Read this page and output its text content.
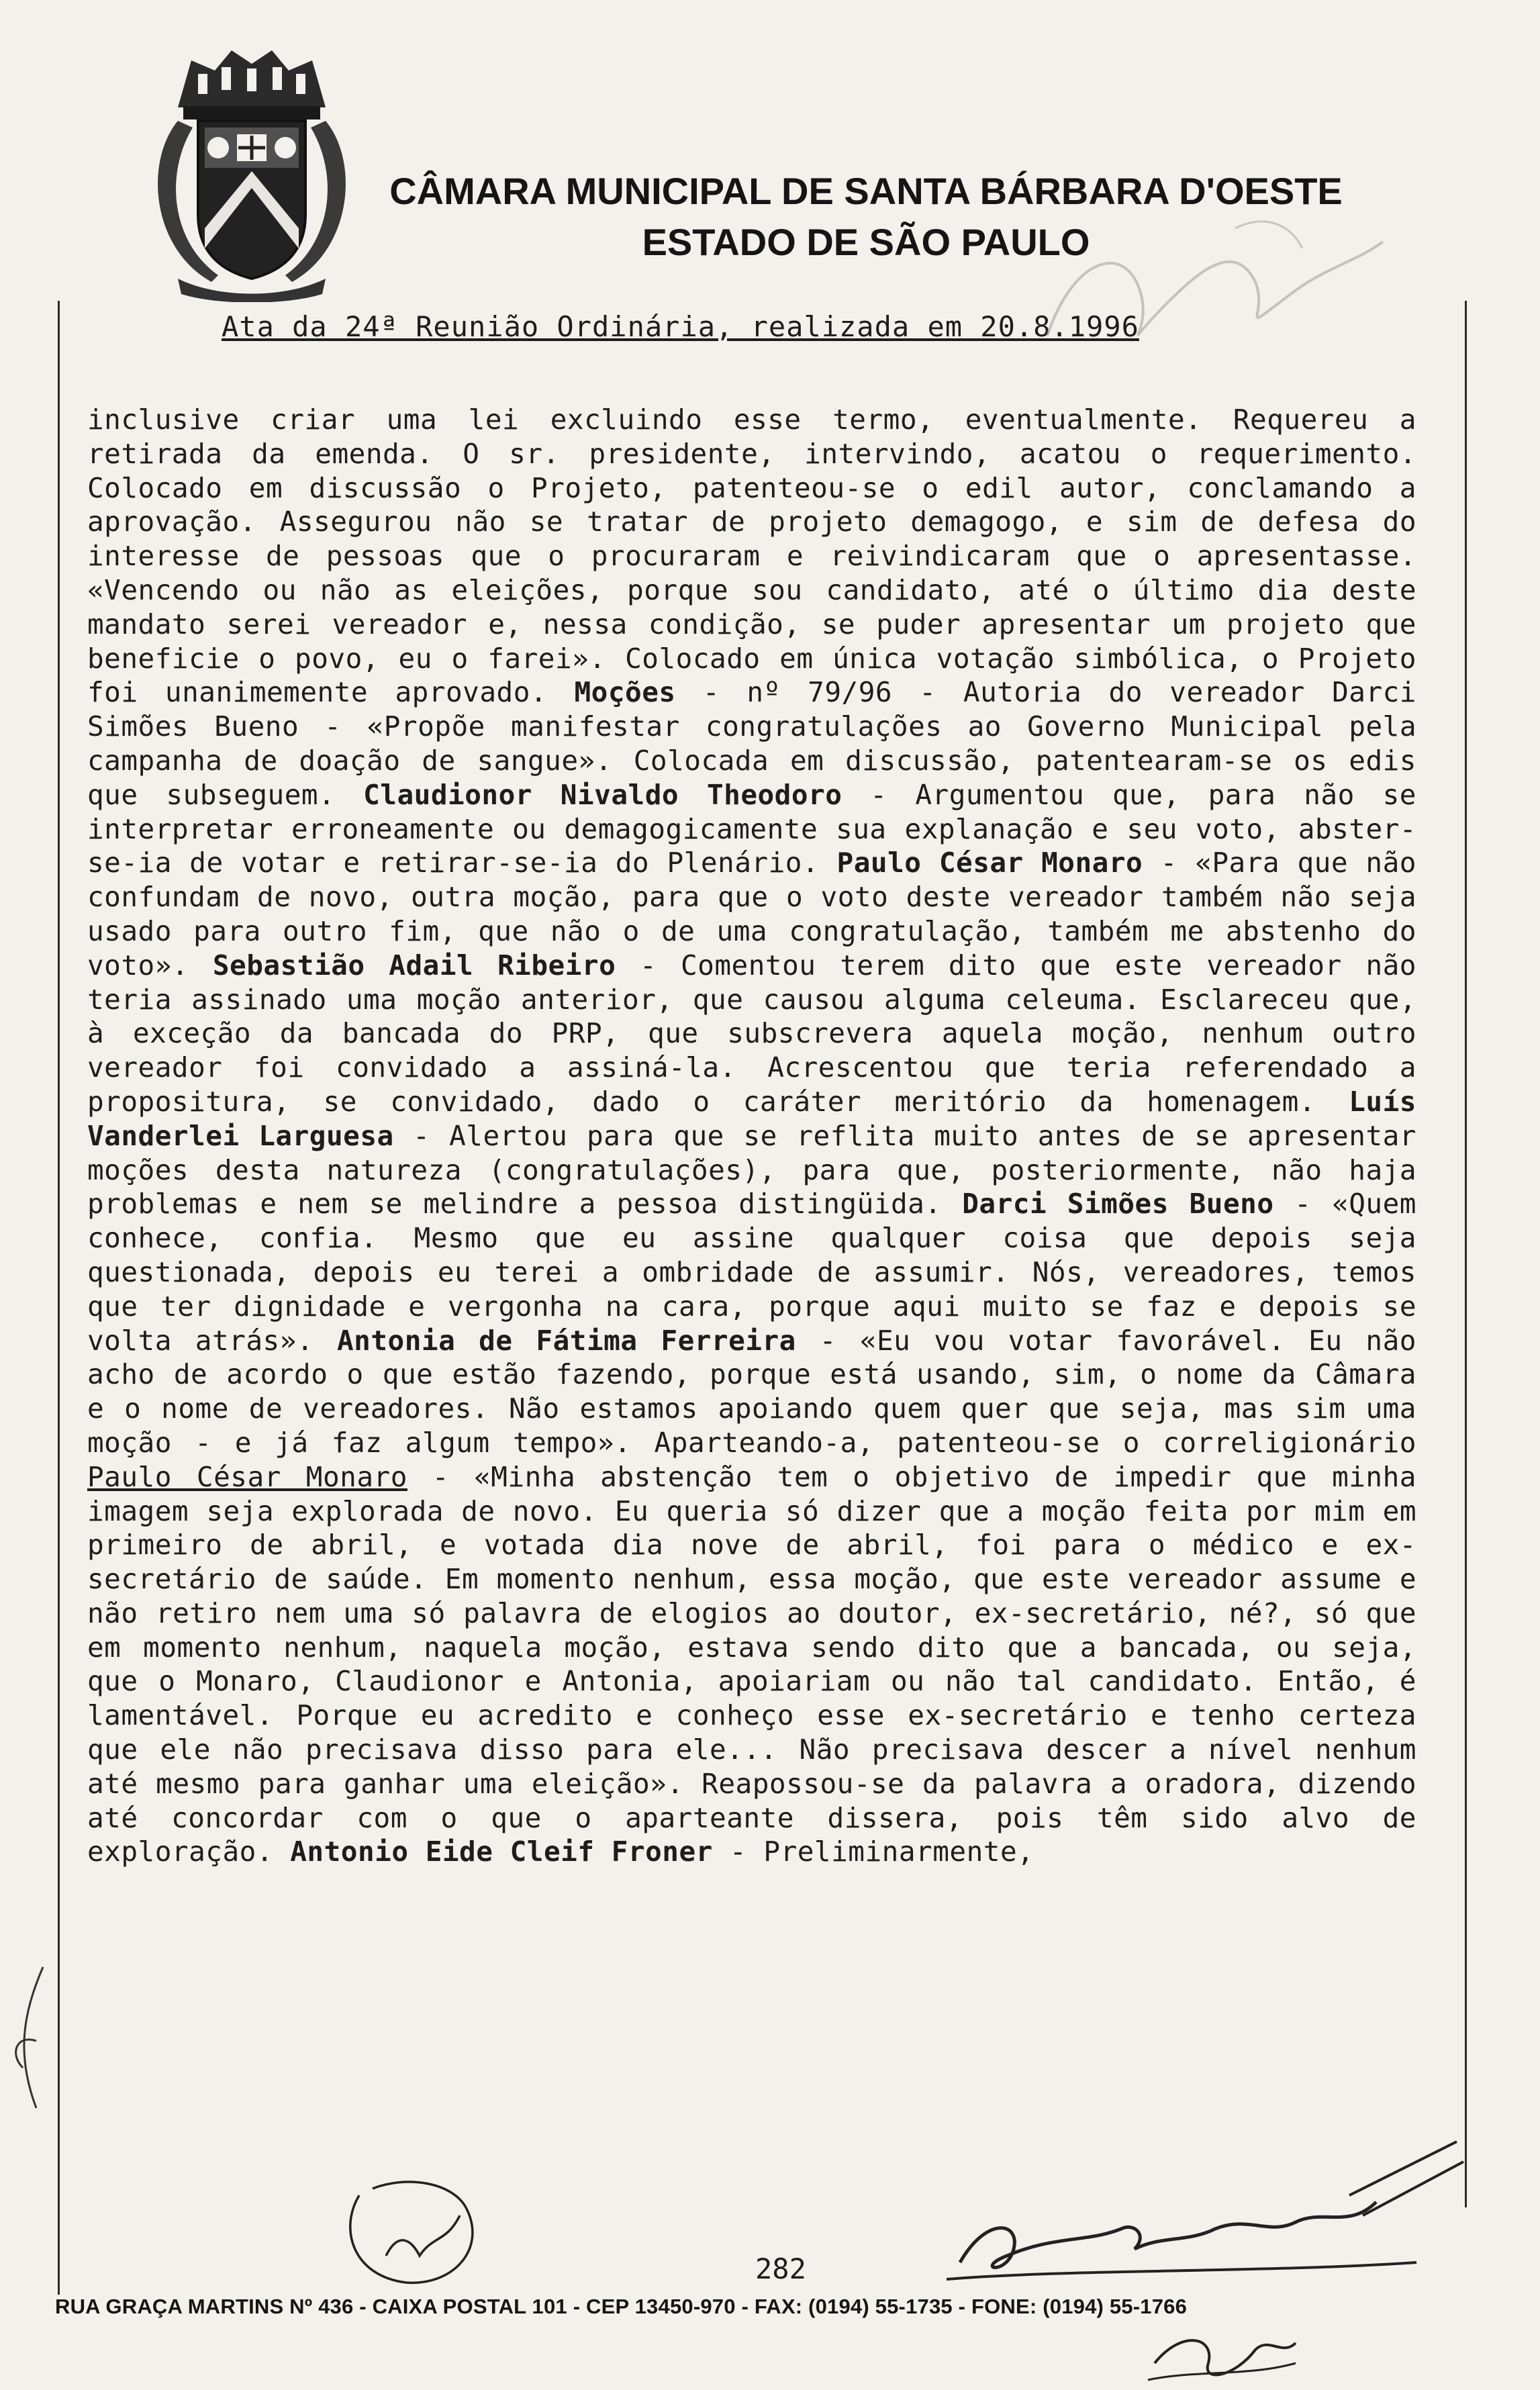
CÂMARA MUNICIPAL DE SANTA BÁRBARA D'OESTE
ESTADO DE SÃO PAULO
Ata da 24ª Reunião Ordinária, realizada em 20.8.1996
inclusive criar uma lei excluindo esse termo, eventualmente. Requereu a retirada da emenda. O sr. presidente, intervindo, acatou o requerimento. Colocado em discussão o Projeto, patenteou-se o edil autor, conclamando a aprovação. Assegurou não se tratar de projeto demagogo, e sim de defesa do interesse de pessoas que o procuraram e reivindicaram que o apresentasse. «Vencendo ou não as eleições, porque sou candidato, até o último dia deste mandato serei vereador e, nessa condição, se puder apresentar um projeto que beneficie o povo, eu o farei». Colocado em única votação simbólica, o Projeto foi unanimemente aprovado. Moções - nº 79/96 - Autoria do vereador Darci Simões Bueno - «Propõe manifestar congratulações ao Governo Municipal pela campanha de doação de sangue». Colocada em discussão, patentearam-se os edis que subseguem. Claudionor Nivaldo Theodoro - Argumentou que, para não se interpretar erroneamente ou demagogicamente sua explanação e seu voto, abster-se-ia de votar e retirar-se-ia do Plenário. Paulo César Monaro - «Para que não confundam de novo, outra moção, para que o voto deste vereador também não seja usado para outro fim, que não o de uma congratulação, também me abstenho do voto». Sebastião Adail Ribeiro - Comentou terem dito que este vereador não teria assinado uma moção anterior, que causou alguma celeuma. Esclareceu que, à exceção da bancada do PRP, que subscrevera aquela moção, nenhum outro vereador foi convidado a assiná-la. Acrescentou que teria referendado a propositura, se convidado, dado o caráter meritório da homenagem. Luís Vanderlei Larguesa - Alertou para que se reflita muito antes de se apresentar moções desta natureza (congratulações), para que, posteriormente, não haja problemas e nem se melindre a pessoa distingüida. Darci Simões Bueno - «Quem conhece, confia. Mesmo que eu assine qualquer coisa que depois seja questionada, depois eu terei a ombridade de assumir. Nós, vereadores, temos que ter dignidade e vergonha na cara, porque aqui muito se faz e depois se volta atrás». Antonia de Fátima Ferreira - «Eu vou votar favorável. Eu não acho de acordo o que estão fazendo, porque está usando, sim, o nome da Câmara e o nome de vereadores. Não estamos apoiando quem quer que seja, mas sim uma moção - e já faz algum tempo». Aparteando-a, patenteou-se o correligionário Paulo César Monaro - «Minha abstenção tem o objetivo de impedir que minha imagem seja explorada de novo. Eu queria só dizer que a moção feita por mim em primeiro de abril, e votada dia nove de abril, foi para o médico e ex-secretário de saúde. Em momento nenhum, essa moção, que este vereador assume e não retiro nem uma só palavra de elogios ao doutor, ex-secretário, né?, só que em momento nenhum, naquela moção, estava sendo dito que a bancada, ou seja, que o Monaro, Claudionor e Antonia, apoiariam ou não tal candidato. Então, é lamentável. Porque eu acredito e conheço esse ex-secretário e tenho certeza que ele não precisava disso para ele... Não precisava descer a nível nenhum até mesmo para ganhar uma eleição». Reapossou-se da palavra a oradora, dizendo até concordar com o que o aparteante dissera, pois têm sido alvo de exploração. Antonio Eide Cleif Froner - Preliminarmente,
282
RUA GRAÇA MARTINS Nº 436 - CAIXA POSTAL 101 - CEP 13450-970 - FAX: (0194) 55-1735 - FONE: (0194) 55-1766
